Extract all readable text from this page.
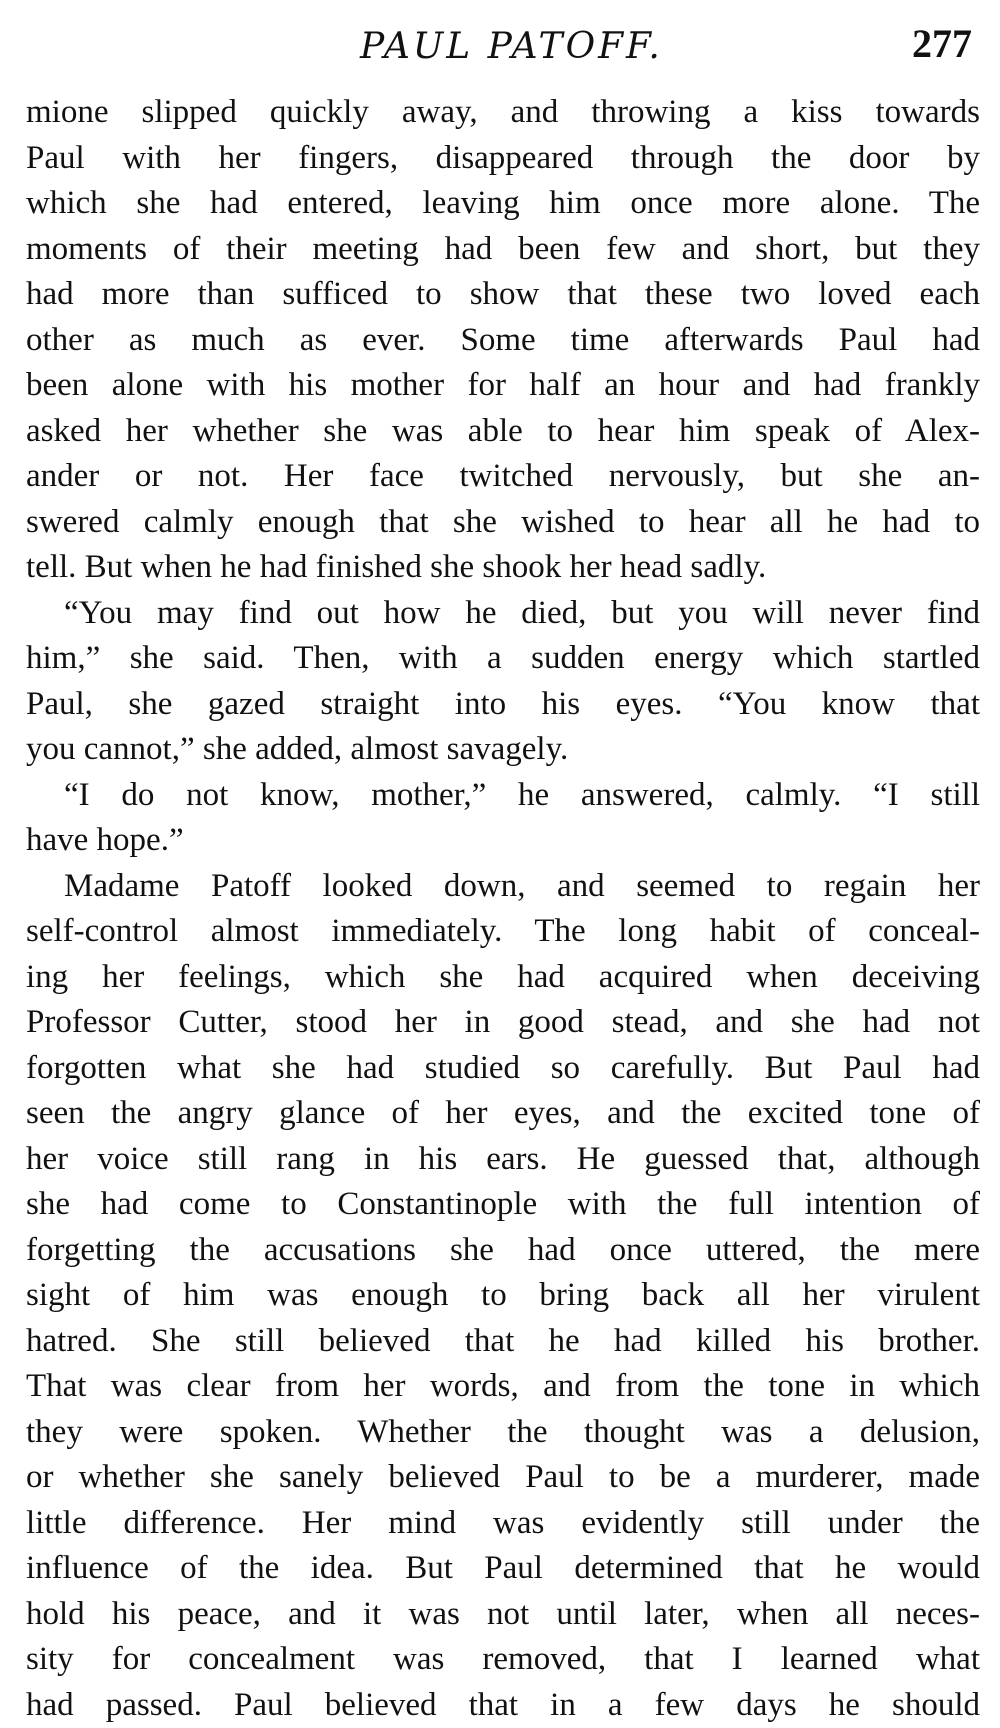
PAUL PATOFF.	277
mione slipped quickly away, and throwing a kiss towards
Paul with her fingers, disappeared through the door by
which she had entered, leaving him once more alone. The
moments of their meeting had been few and short, but they
had more than sufficed to show that these two loved each
other as much as ever. Some time afterwards Paul had
been alone with his mother for half an hour and had frankly
asked her whether she was able to hear him speak of Alex-
ander or not. Her face twitched nervously, but she an-
swered calmly enough that she wished to hear all he had to
tell. But when he had finished she shook her head sadly.
“You may find out how he died, but you will never find
him,” she said. Then, with a sudden energy which startled
Paul, she gazed straight into his eyes. “You know that
you cannot,” she added, almost savagely.
“I do not know, mother,” he answered, calmly. “I still
have hope.”
Madame Patoff looked down, and seemed to regain her
self-control almost immediately. The long habit of conceal-
ing her feelings, which she had acquired when deceiving
Professor Cutter, stood her in good stead, and she had not
forgotten what she had studied so carefully. But Paul had
seen the angry glance of her eyes, and the excited tone of
her voice still rang in his ears. He guessed that, although
she had come to Constantinople with the full intention of
forgetting the accusations she had once uttered, the mere
sight of him was enough to bring back all her virulent
hatred. She still believed that he had killed his brother.
That was clear from her words, and from the tone in which
they were spoken. Whether the thought was a delusion,
or whether she sanely believed Paul to be a murderer, made
little difference. Her mind was evidently still under the
influence of the idea. But Paul determined that he would
hold his peace, and it was not until later, when all neces-
sity for concealment was removed, that I learned what
had passed. Paul believed that in a few days he should
